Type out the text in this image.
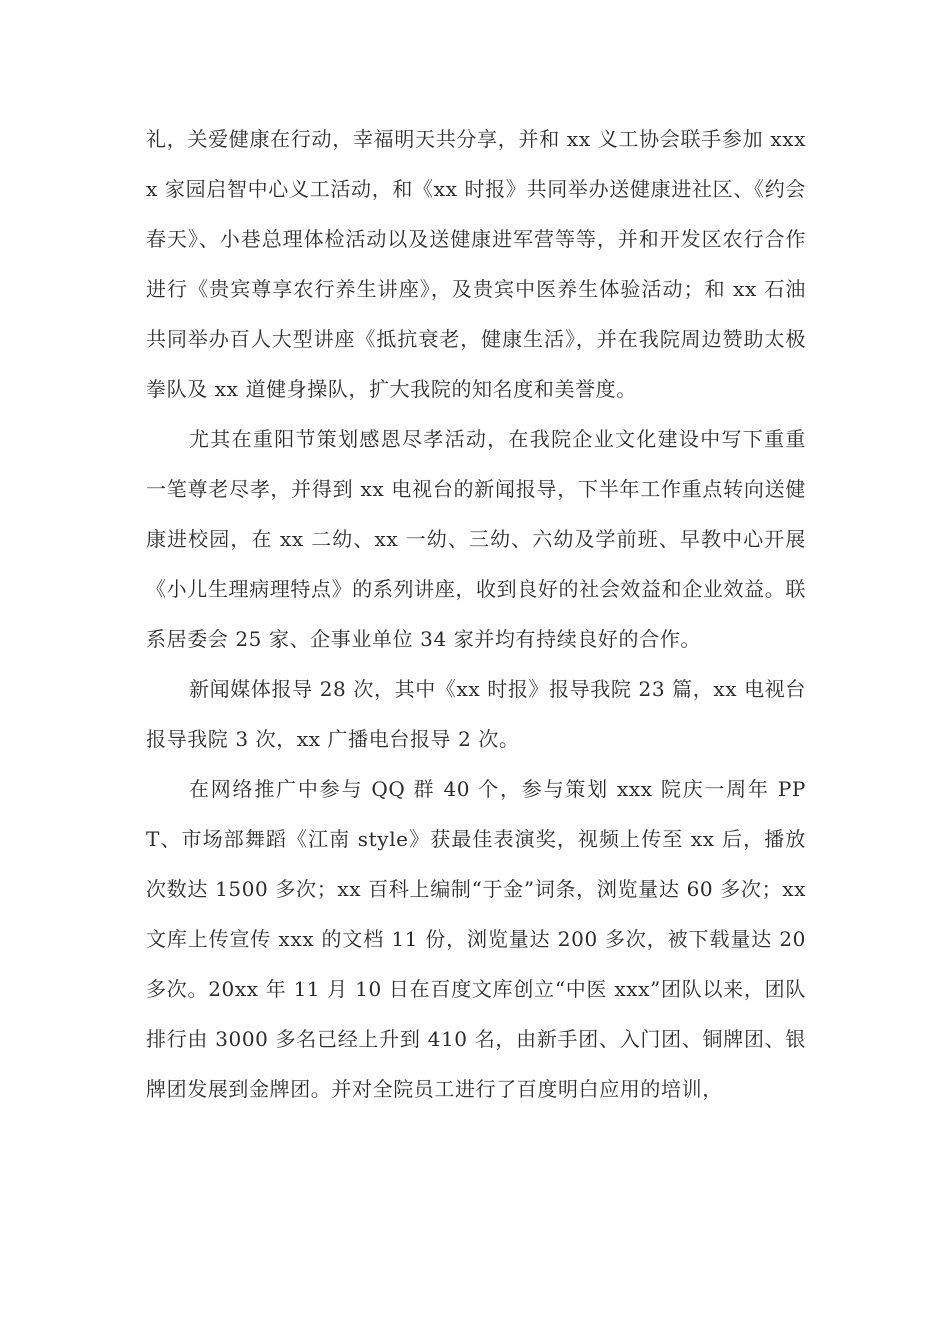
礼，关爱健康在行动，幸福明天共分享，并和 xx 义工协会联手参加 xxxx 家园启智中心义工活动，和《xx 时报》共同举办送健康进社区、《约会春天》、小巷总理体检活动以及送健康进军营等等，并和开发区农行合作进行《贵宾尊享农行养生讲座》，及贵宾中医养生体验活动；和 xx 石油共同举办百人大型讲座《抵抗衰老，健康生活》，并在我院周边赞助太极拳队及 xx 道健身操队，扩大我院的知名度和美誉度。

尤其在重阳节策划感恩尽孝活动，在我院企业文化建设中写下重重一笔尊老尽孝，并得到 xx 电视台的新闻报导，下半年工作重点转向送健康进校园，在 xx 二幼、xx 一幼、三幼、六幼及学前班、早教中心开展《小儿生理病理特点》的系列讲座，收到良好的社会效益和企业效益。联系居委会 25 家、企事业单位 34 家并均有持续良好的合作。

新闻媒体报导 28 次，其中《xx 时报》报导我院 23 篇，xx 电视台报导我院 3 次，xx 广播电台报导 2 次。

在网络推广中参与 QQ 群 40 个，参与策划 xxx 院庆一周年 PPT、市场部舞蹈《江南 style》获最佳表演奖，视频上传至 xx 后，播放次数达 1500 多次；xx 百科上编制“于金”词条，浏览量达 60 多次；xx 文库上传宣传 xxx 的文档 11 份，浏览量达 200 多次，被下载量达 20 多次。20xx 年 11 月 10 日在百度文库创立“中医 xxx”团队以来，团队排行由 3000 多名已经上升到 410 名，由新手团、入门团、铜牌团、银牌团发展到金牌团。并对全院员工进行了百度明白应用的培训，
